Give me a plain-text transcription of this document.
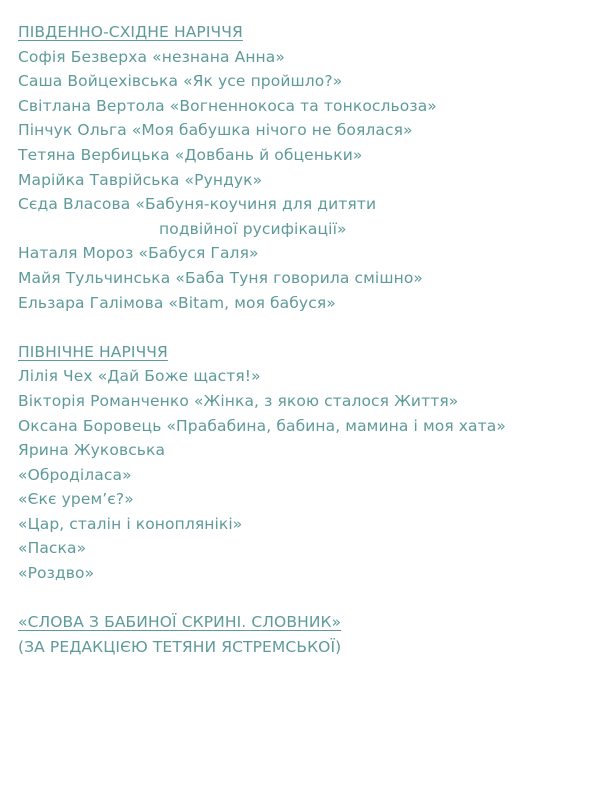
ПІВДЕННО-СХІДНЕ НАРІЧЧЯ
Софія Безверха «незнана Анна»
Саша Войцехівська «Як усе пройшло?»
Світлана Вертола «Вогненнокоса та тонкосльоза»
Пінчук Ольга «Моя бабушка нічого не боялася»
Тетяна Вербицька «Довбань й обценьки»
Марійка Таврійська «Рундук»
Сєда Власова «Бабуня-коучиня для дитяти
подвійної русифікації»
Наталя Мороз «Бабуся Галя»
Майя Тульчинська «Баба Туня говорила смішно»
Ельзара Галімова «Bitam, моя бабуся»
ПІВНІЧНЕ НАРІЧЧЯ
Лілія Чех «Дай Боже щастя!»
Вікторія Романченко «Жінка, з якою сталося Життя»
Оксана Боровець «Прабабина, бабина, мамина і моя хата»
Ярина Жуковська
«Оброділаса»
«Єкє урем’є?»
«Цар, сталін і коноплянікі»
«Паска»
«Роздво»
«СЛОВА З БАБИНОЇ СКРИНІ. СЛОВНИК»
(ЗА РЕДАКЦІЄЮ ТЕТЯНИ ЯСТРЕМСЬКОЇ)
